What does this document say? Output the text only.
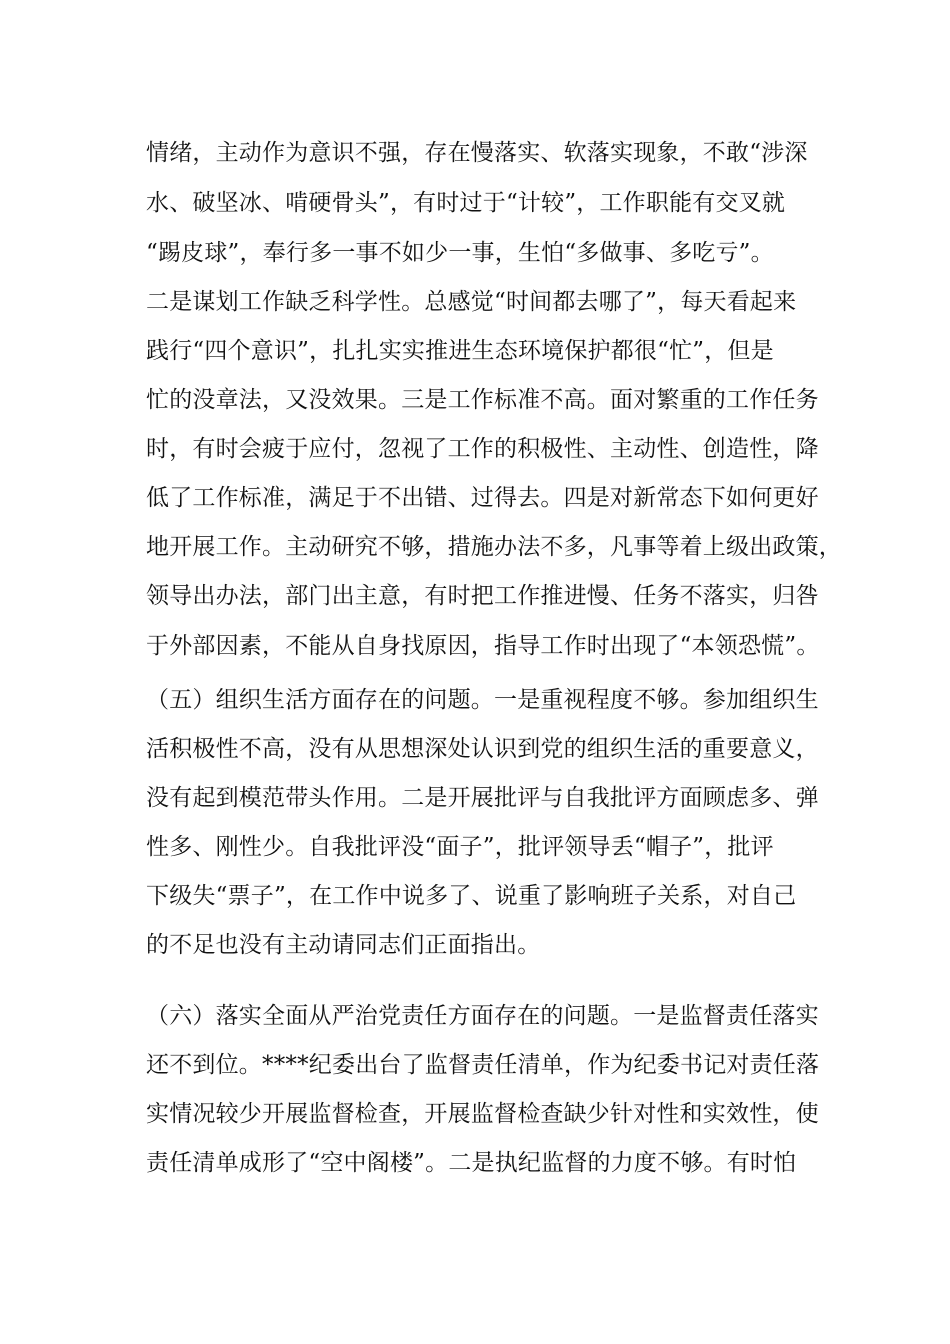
情绪，主动作为意识不强，存在慢落实、软落实现象，不敢“涉深
水、破坚冰、啃硬骨头”，有时过于“计较”，工作职能有交叉就
“踢皮球”，奉行多一事不如少一事，生怕“多做事、多吃亏”。
二是谋划工作缺乏科学性。总感觉“时间都去哪了”，每天看起来
践行“四个意识”，扎扎实实推进生态环境保护都很“忙”，但是
忙的没章法，又没效果。三是工作标准不高。面对繁重的工作任务
时，有时会疲于应付，忽视了工作的积极性、主动性、创造性，降
低了工作标准，满足于不出错、过得去。四是对新常态下如何更好
地开展工作。主动研究不够，措施办法不多，凡事等着上级出政策，
领导出办法，部门出主意，有时把工作推进慢、任务不落实，归咎
于外部因素，不能从自身找原因，指导工作时出现了“本领恐慌”。
（五）组织生活方面存在的问题。一是重视程度不够。参加组织生
活积极性不高，没有从思想深处认识到党的组织生活的重要意义，
没有起到模范带头作用。二是开展批评与自我批评方面顾虑多、弹
性多、刚性少。自我批评没“面子”，批评领导丢“帽子”，批评
下级失“票子”，在工作中说多了、说重了影响班子关系，对自己
的不足也没有主动请同志们正面指出。
（六）落实全面从严治党责任方面存在的问题。一是监督责任落实
还不到位。****纪委出台了监督责任清单，作为纪委书记对责任落
实情况较少开展监督检查，开展监督检查缺少针对性和实效性，使
责任清单成形了“空中阁楼”。二是执纪监督的力度不够。有时怕
